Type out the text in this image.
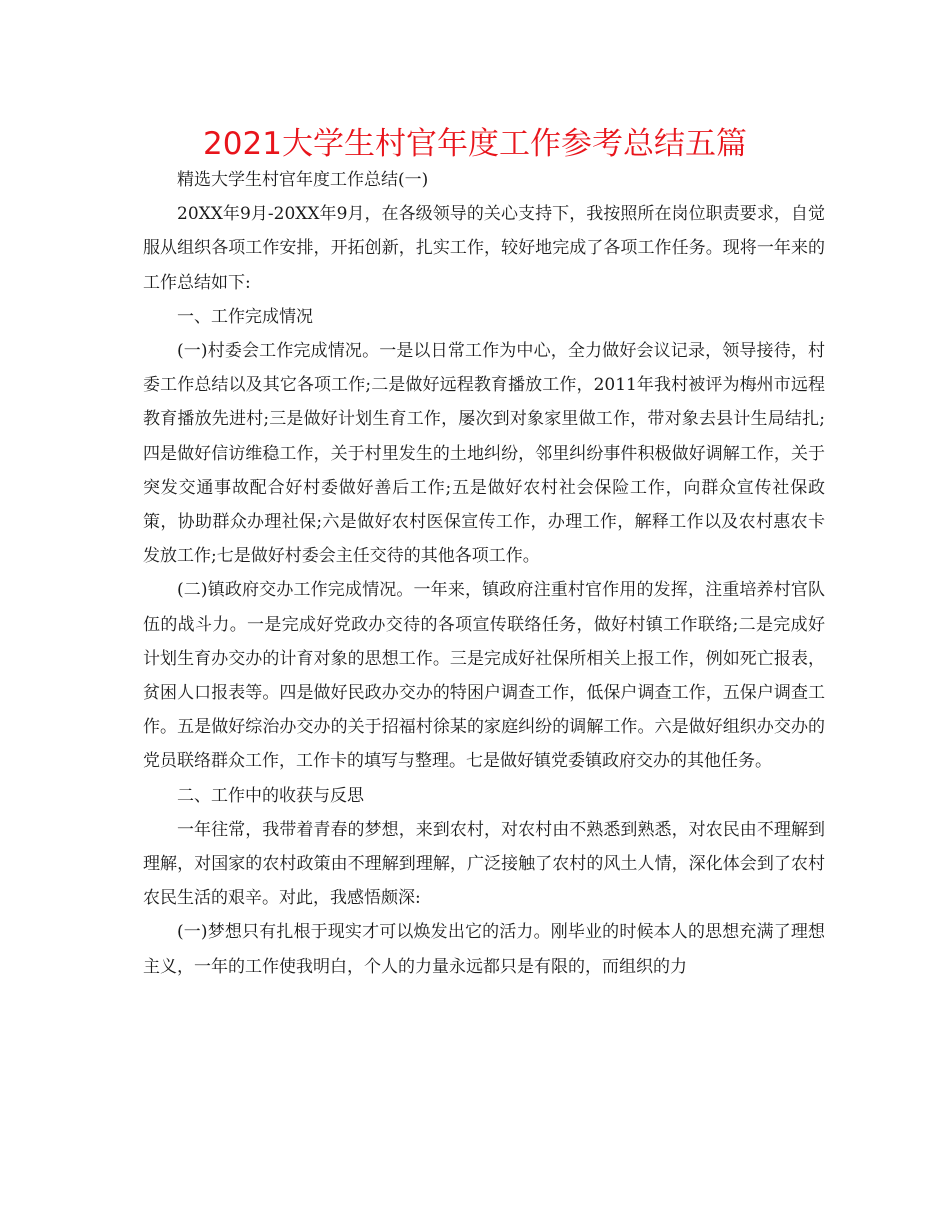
2021大学生村官年度工作参考总结五篇

精选大学生村官年度工作总结(一)

20XX年9月-20XX年9月，在各级领导的关心支持下，我按照所在岗位职责要求，自觉服从组织各项工作安排，开拓创新，扎实工作，较好地完成了各项工作任务。现将一年来的工作总结如下:

一、工作完成情况

(一)村委会工作完成情况。一是以日常工作为中心，全力做好会议记录，领导接待，村委工作总结以及其它各项工作;二是做好远程教育播放工作，2011年我村被评为梅州市远程教育播放先进村;三是做好计划生育工作，屡次到对象家里做工作，带对象去县计生局结扎;四是做好信访维稳工作，关于村里发生的土地纠纷，邻里纠纷事件积极做好调解工作，关于突发交通事故配合好村委做好善后工作;五是做好农村社会保险工作，向群众宣传社保政策，协助群众办理社保;六是做好农村医保宣传工作，办理工作，解释工作以及农村惠农卡发放工作;七是做好村委会主任交待的其他各项工作。

(二)镇政府交办工作完成情况。一年来，镇政府注重村官作用的发挥，注重培养村官队伍的战斗力。一是完成好党政办交待的各项宣传联络任务，做好村镇工作联络;二是完成好计划生育办交办的计育对象的思想工作。三是完成好社保所相关上报工作，例如死亡报表，贫困人口报表等。四是做好民政办交办的特困户调查工作，低保户调查工作，五保户调查工作。五是做好综治办交办的关于招福村徐某的家庭纠纷的调解工作。六是做好组织办交办的党员联络群众工作，工作卡的填写与整理。七是做好镇党委镇政府交办的其他任务。

二、工作中的收获与反思

一年往常，我带着青春的梦想，来到农村，对农村由不熟悉到熟悉，对农民由不理解到理解，对国家的农村政策由不理解到理解，广泛接触了农村的风土人情，深化体会到了农村农民生活的艰辛。对此，我感悟颇深:

(一)梦想只有扎根于现实才可以焕发出它的活力。刚毕业的时候本人的思想充满了理想主义，一年的工作使我明白，个人的力量永远都只是有限的，而组织的力
